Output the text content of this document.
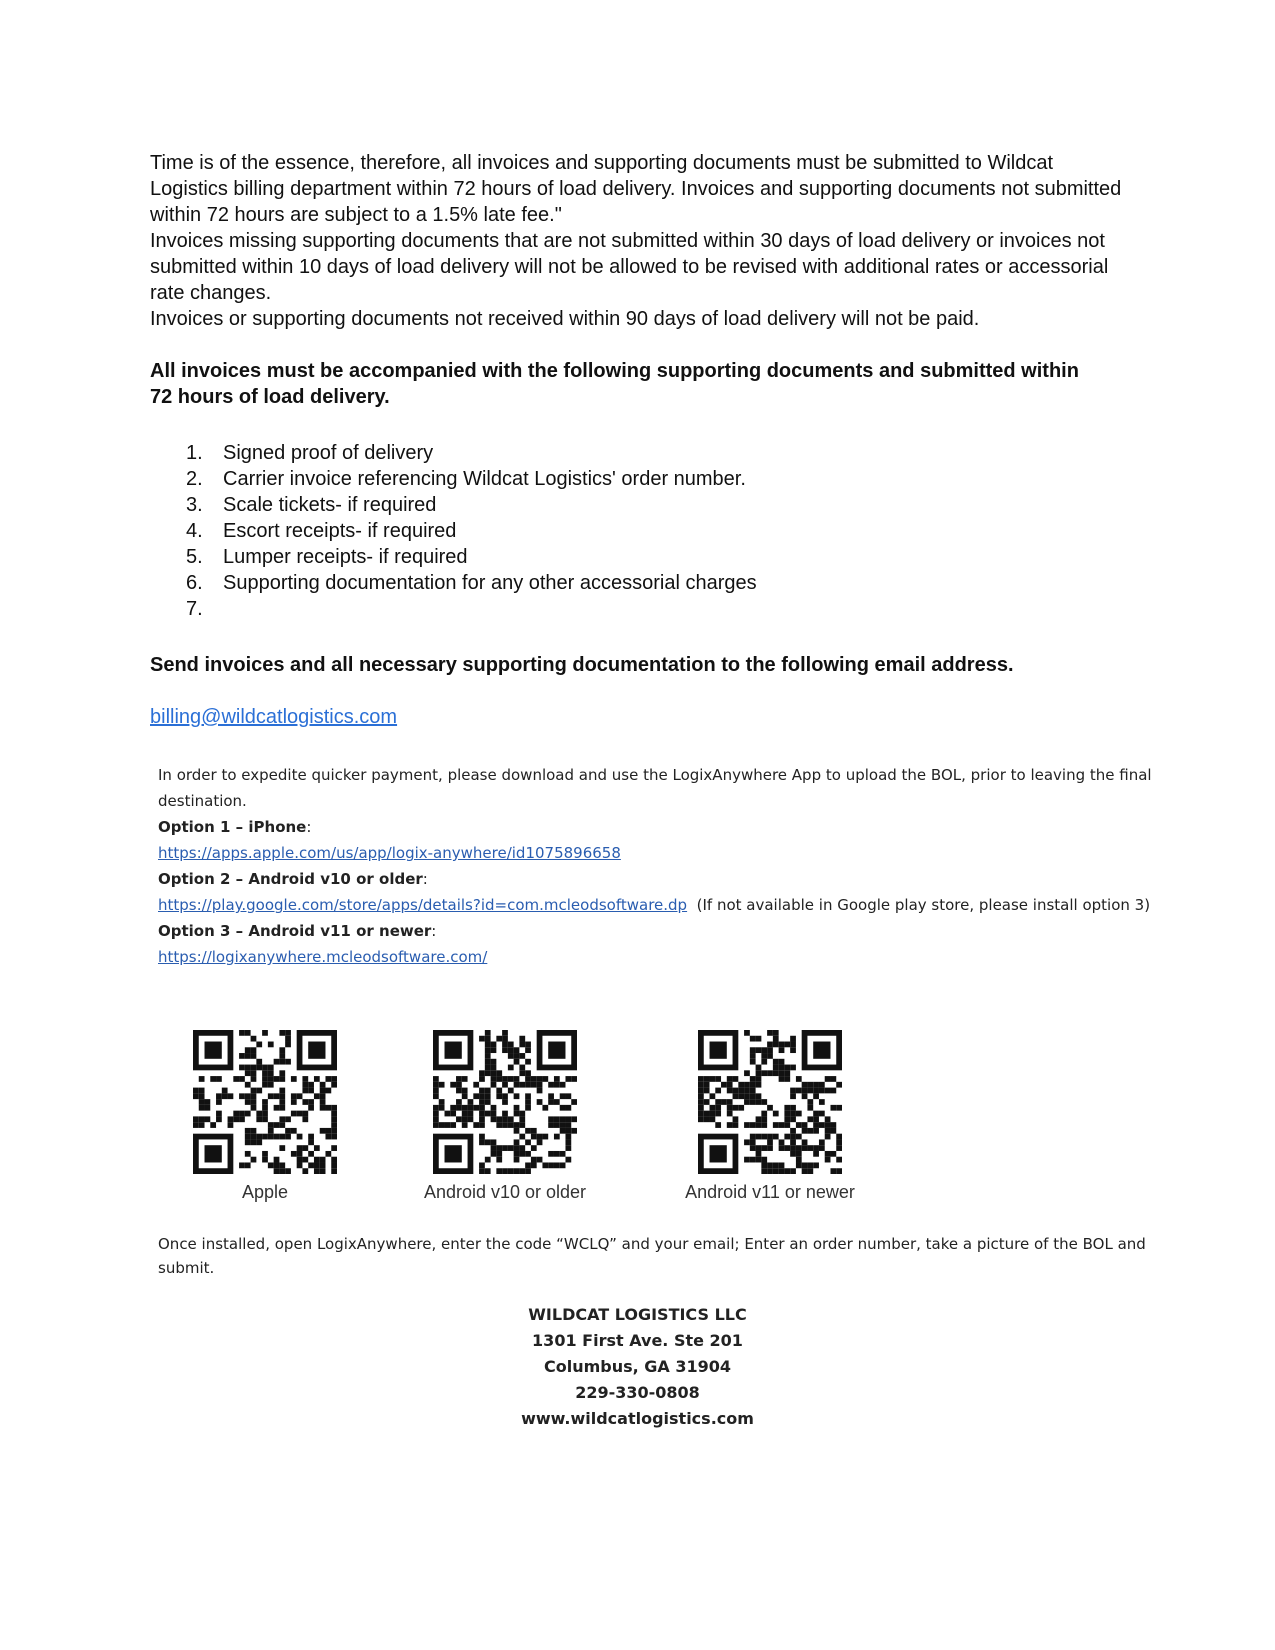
Time is of the essence, therefore, all invoices and supporting documents must be submitted to Wildcat Logistics billing department within 72 hours of load delivery. Invoices and supporting documents not submitted within 72 hours are subject to a 1.5% late fee."

Invoices missing supporting documents that are not submitted within 30 days of load delivery or invoices not submitted within 10 days of load delivery will not be allowed to be revised with additional rates or accessorial rate changes.

Invoices or supporting documents not received within 90 days of load delivery will not be paid.

All invoices must be accompanied with the following supporting documents and submitted within 72 hours of load delivery.
1.	Signed proof of delivery
2.	Carrier invoice referencing Wildcat Logistics' order number.
3.	Scale tickets- if required
4.	Escort receipts- if required
5.	Lumper receipts- if required
6.	Supporting documentation for any other accessorial charges
7.
Send invoices and all necessary supporting documentation to the following email address.
billing@wildcatlogistics.com

In order to expedite quicker payment, please download and use the LogixAnywhere App to upload the BOL, prior to leaving the final destination.

Option 1 – iPhone:

https://apps.apple.com/us/app/logix-anywhere/id1075896658

Option 2 – Android v10 or older:

https://play.google.com/store/apps/details?id=com.mcleodsoftware.dp (If not available in Google play store, please install option 3)

Option 3 – Android v11 or newer:

https://logixanywhere.mcleodsoftware.com/

Apple	Android v10 or older	Android v11 or newer
Once installed, open LogixAnywhere, enter the code “WCLQ” and your email; Enter an order number, take a picture of the BOL and submit.
WILDCAT LOGISTICS LLC
1301 First Ave. Ste 201
Columbus, GA 31904
229-330-0808
www.wildcatlogistics.com
